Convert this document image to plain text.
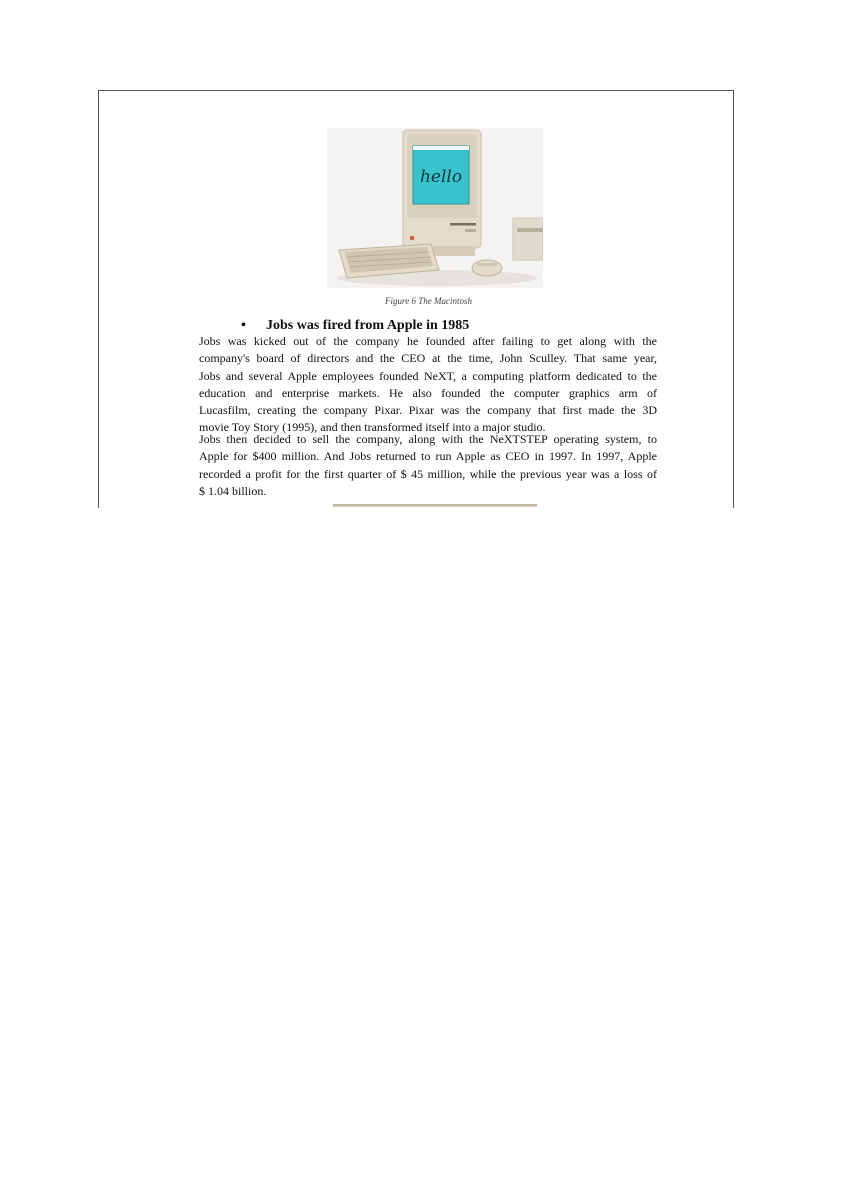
hello
Figure 6 The Macintosh
• Jobs was fired from Apple in 1985

Jobs was kicked out of the company he founded after failing to get along with the
company's board of directors and the CEO at the time, John Sculley. That same year,
Jobs and several Apple employees founded NeXT, a computing platform dedicated to the
education and enterprise markets. He also founded the computer graphics arm of
Lucasfilm, creating the company Pixar. Pixar was the company that first made the 3D
movie Toy Story (1995), and then transformed itself into a major studio.

Jobs then decided to sell the company, along with the NeXTSTEP operating system, to
Apple for $400 million. And Jobs returned to run Apple as CEO in 1997. In 1997, Apple
recorded a profit for the first quarter of $ 45 million, while the previous year was a loss of
$ 1.04 billion.
